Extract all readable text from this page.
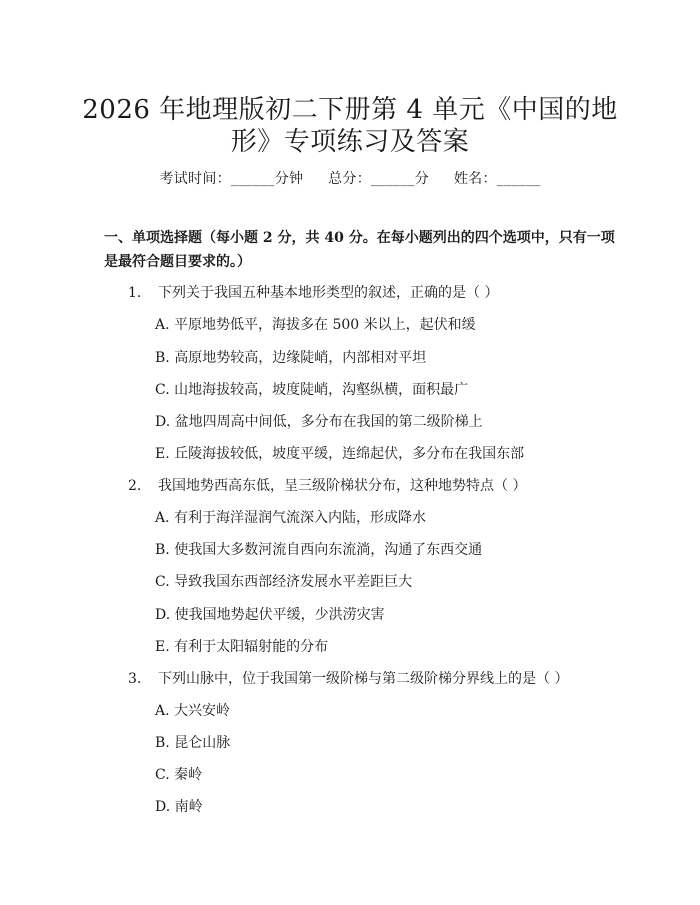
2026 年地理版初二下册第 4 单元《中国的地
形》专项练习及答案
考试时间：______分钟 总分：______分 姓名：______
一、单项选择题（每小题 2 分，共 40 分。在每小题列出的四个选项中，只有一项
是最符合题目要求的。）
1. 下列关于我国五种基本地形类型的叙述，正确的是（ ）
A. 平原地势低平，海拔多在 500 米以上，起伏和缓
B. 高原地势较高，边缘陡峭，内部相对平坦
C. 山地海拔较高，坡度陡峭，沟壑纵横，面积最广
D. 盆地四周高中间低，多分布在我国的第二级阶梯上
E. 丘陵海拔较低，坡度平缓，连绵起伏，多分布在我国东部
2. 我国地势西高东低，呈三级阶梯状分布，这种地势特点（ ）
A. 有利于海洋湿润气流深入内陆，形成降水
B. 使我国大多数河流自西向东流淌，沟通了东西交通
C. 导致我国东西部经济发展水平差距巨大
D. 使我国地势起伏平缓，少洪涝灾害
E. 有利于太阳辐射能的分布
3. 下列山脉中，位于我国第一级阶梯与第二级阶梯分界线上的是（ ）
A. 大兴安岭
B. 昆仑山脉
C. 秦岭
D. 南岭
